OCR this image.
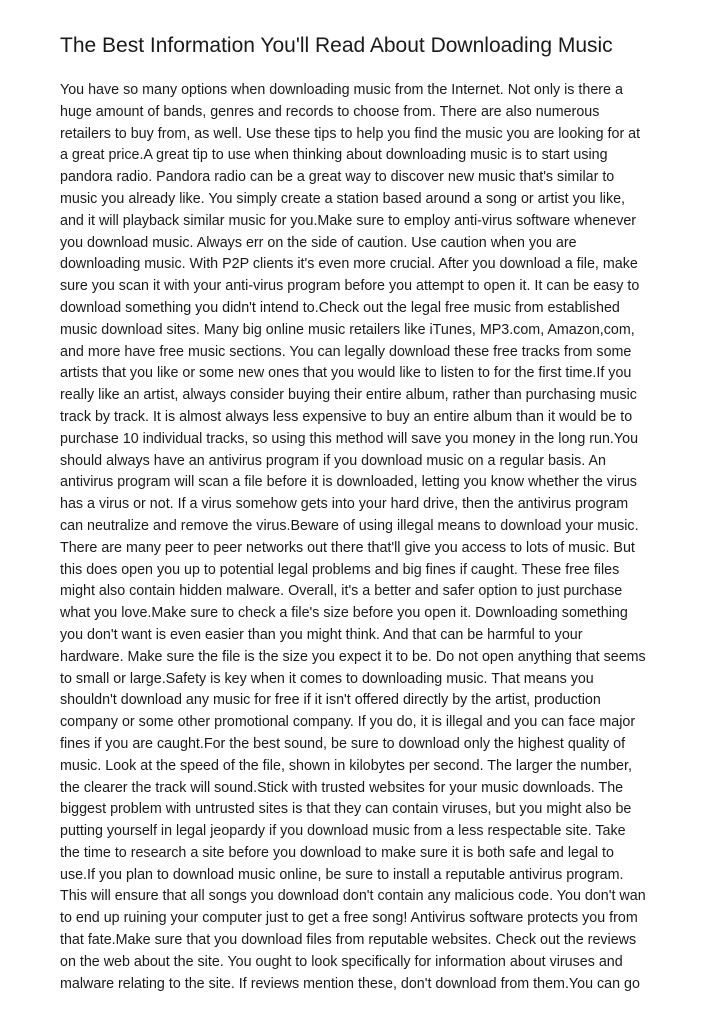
The Best Information You'll Read About Downloading Music
You have so many options when downloading music from the Internet. Not only is there a
huge amount of bands, genres and records to choose from. There are also numerous
retailers to buy from, as well. Use these tips to help you find the music you are looking for at
a great price.A great tip to use when thinking about downloading music is to start using
pandora radio. Pandora radio can be a great way to discover new music that's similar to
music you already like. You simply create a station based around a song or artist you like,
and it will playback similar music for you.Make sure to employ anti-virus software whenever
you download music. Always err on the side of caution. Use caution when you are
downloading music. With P2P clients it's even more crucial. After you download a file, make
sure you scan it with your anti-virus program before you attempt to open it. It can be easy to
download something you didn't intend to.Check out the legal free music from established
music download sites. Many big online music retailers like iTunes, MP3.com, Amazon,com,
and more have free music sections. You can legally download these free tracks from some
artists that you like or some new ones that you would like to listen to for the first time.If you
really like an artist, always consider buying their entire album, rather than purchasing music
track by track. It is almost always less expensive to buy an entire album than it would be to
purchase 10 individual tracks, so using this method will save you money in the long run.You
should always have an antivirus program if you download music on a regular basis. An
antivirus program will scan a file before it is downloaded, letting you know whether the virus
has a virus or not. If a virus somehow gets into your hard drive, then the antivirus program
can neutralize and remove the virus.Beware of using illegal means to download your music.
There are many peer to peer networks out there that'll give you access to lots of music. But
this does open you up to potential legal problems and big fines if caught. These free files
might also contain hidden malware. Overall, it's a better and safer option to just purchase
what you love.Make sure to check a file's size before you open it. Downloading something
you don't want is even easier than you might think. And that can be harmful to your
hardware. Make sure the file is the size you expect it to be. Do not open anything that seems
to small or large.Safety is key when it comes to downloading music. That means you
shouldn't download any music for free if it isn't offered directly by the artist, production
company or some other promotional company. If you do, it is illegal and you can face major
fines if you are caught.For the best sound, be sure to download only the highest quality of
music. Look at the speed of the file, shown in kilobytes per second. The larger the number,
the clearer the track will sound.Stick with trusted websites for your music downloads. The
biggest problem with untrusted sites is that they can contain viruses, but you might also be
putting yourself in legal jeopardy if you download music from a less respectable site. Take
the time to research a site before you download to make sure it is both safe and legal to
use.If you plan to download music online, be sure to install a reputable antivirus program.
This will ensure that all songs you download don't contain any malicious code. You don't wan
to end up ruining your computer just to get a free song! Antivirus software protects you from
that fate.Make sure that you download files from reputable websites. Check out the reviews
on the web about the site. You ought to look specifically for information about viruses and
malware relating to the site. If reviews mention these, don't download from them.You can go
